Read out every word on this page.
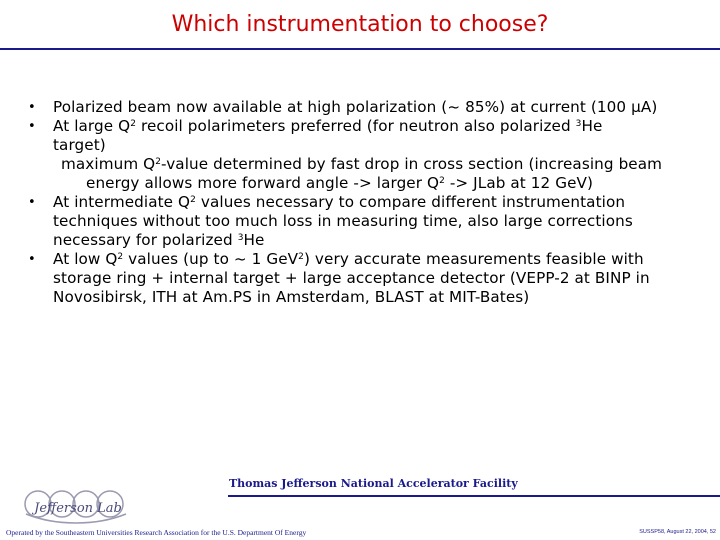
Which instrumentation to choose?
• Polarized beam now available at high polarization (~ 85%) at current (100 μA)
• At large $Q^2$ recoil polarimeters preferred (for neutron also polarized $^3$He
target)
maximum $Q^2$-value determined by fast drop in cross section (increasing beam
energy allows more forward angle -> larger $Q^2$ -> JLab at 12 GeV)
• At intermediate $Q^2$ values necessary to compare different instrumentation
techniques without too much loss in measuring time, also large corrections
necessary for polarized $^3$He
• At low $Q^2$ values (up to ~ 1 GeV$^2$) very accurate measurements feasible with
storage ring + internal target + large acceptance detector (VEPP-2 at BINP in
Novosibirsk, ITH at Am.PS in Amsterdam, BLAST at MIT-Bates)
Jefferson Lab
Thomas Jefferson National Accelerator Facility
Operated by the Southeastern Universities Research Association for the U.S. Department Of Energy	SUSSP58, August 22, 2004, 52
